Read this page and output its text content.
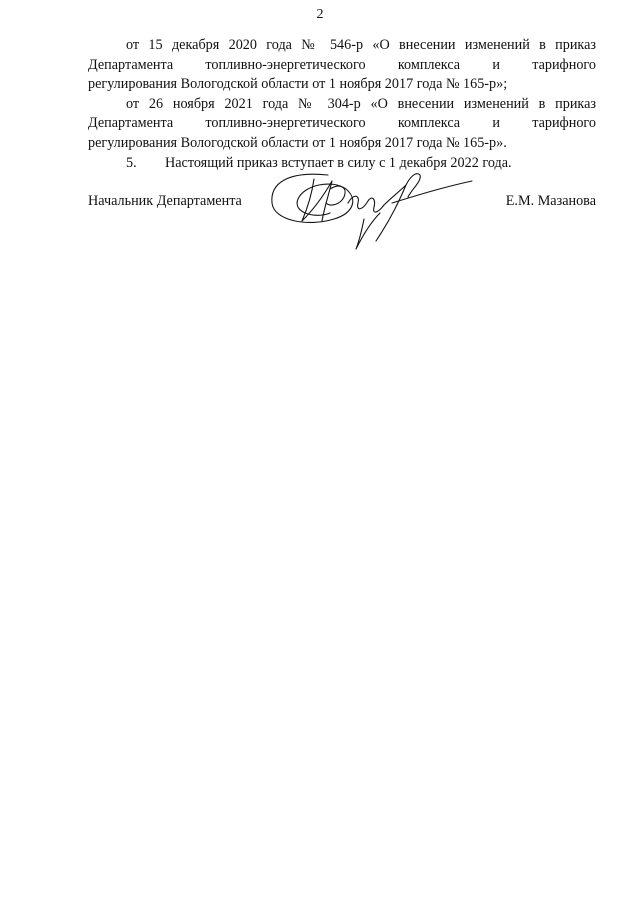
2

от 15 декабря 2020 года № 546-р «О внесении изменений в приказ
Департамента топливно-энергетического комплекса и тарифного
регулирования Вологодской области от 1 ноября 2017 года № 165-р»;

от 26 ноября 2021 года № 304-р «О внесении изменений в приказ
Департамента топливно-энергетического комплекса и тарифного
регулирования Вологодской области от 1 ноября 2017 года № 165-р».

5. Настоящий приказ вступает в силу с 1 декабря 2022 года.

Начальник Департамента	Е.М. Мазанова
